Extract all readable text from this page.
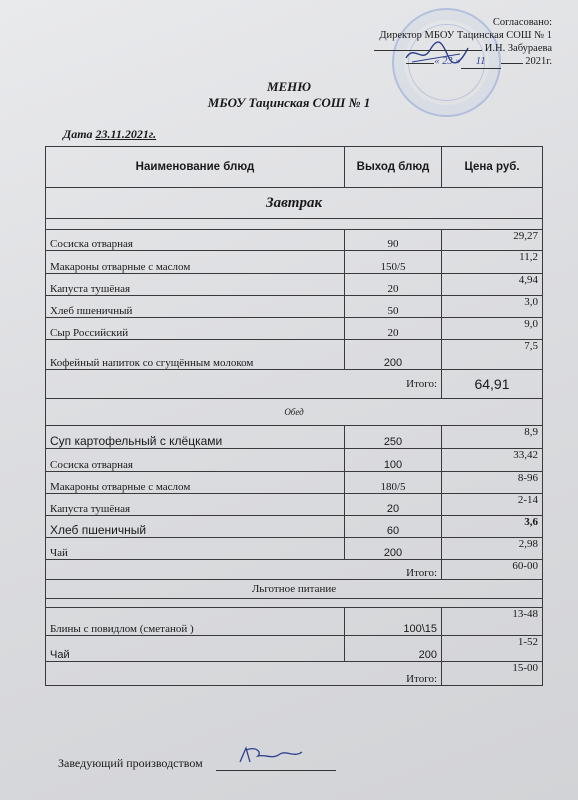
Согласовано:
Директор МБОУ Тацинская СОШ № 1
И.Н. Забураева
« 23 » 11	2021г.
МЕНЮ
МБОУ Тацинская СОШ № 1
Дата 23.11.2021г.
Наименование блюд	Выход блюд	Цена руб.
Завтрак		

Сосиска отварная	90	29,27
Макароны отварные с маслом	150/5	11,2
Капуста тушёная	20	4,94
Хлеб пшеничный	50	3,0
Сыр Российский	20	9,0
Кофейный напиток со сгущённым молоком	200	7,5
Итого:		64,91
Обед		
Суп картофельный с клёцками	250	8,9
Сосиска отварная	100	33,42
Макароны отварные с маслом	180/5	8-96
Капуста тушёная	20	2-14
Хлеб пшеничный	60	3,6
Чай	200	2,98
Итого:		60-00
Льготное питание		

Блины с повидлом (сметаной )	100\15	13-48
Чай	200	1-52
Итого:		15-00
Заведующий производством
